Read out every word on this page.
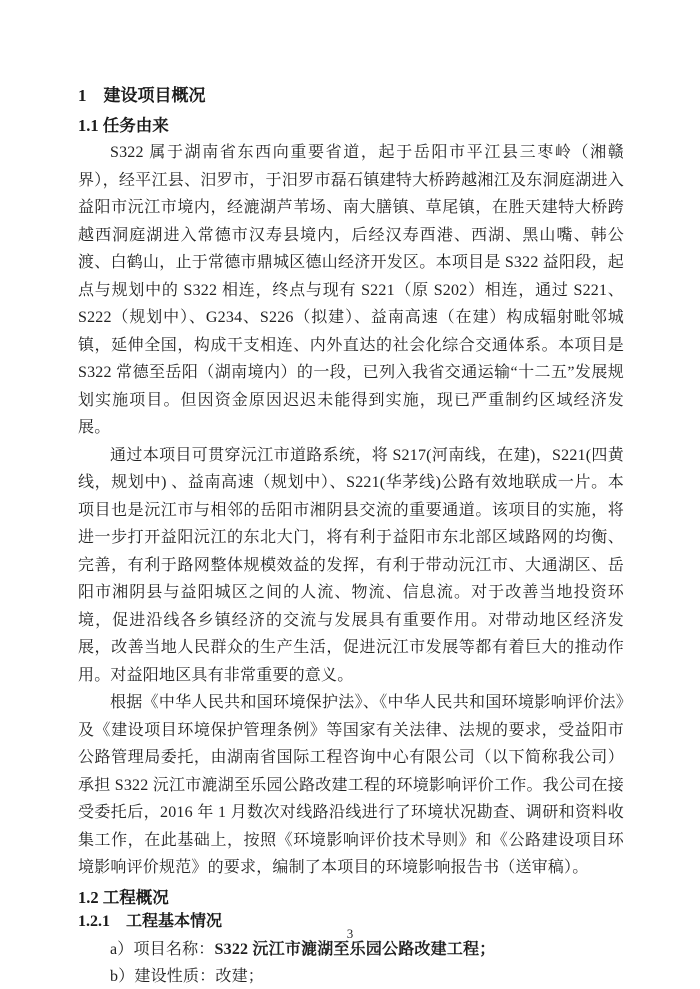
1　建设项目概况
1.1 任务由来

S322 属于湖南省东西向重要省道，起于岳阳市平江县三枣岭（湘赣界），经平江县、汨罗市，于汨罗市磊石镇建特大桥跨越湘江及东洞庭湖进入益阳市沅江市境内，经漉湖芦苇场、南大膳镇、草尾镇，在胜天建特大桥跨越西洞庭湖进入常德市汉寿县境内，后经汉寿酉港、西湖、黑山嘴、韩公渡、白鹤山，止于常德市鼎城区德山经济开发区。本项目是 S322 益阳段，起点与规划中的 S322 相连，终点与现有 S221（原 S202）相连，通过 S221、S222（规划中）、G234、S226（拟建）、益南高速（在建）构成辐射毗邻城镇，延伸全国，构成干支相连、内外直达的社会化综合交通体系。本项目是 S322 常德至岳阳（湖南境内）的一段，已列入我省交通运输“十二五”发展规划实施项目。但因资金原因迟迟未能得到实施，现已严重制约区域经济发展。

通过本项目可贯穿沅江市道路系统，将 S217(河南线，在建)，S221(四黄线，规划中) 、益南高速（规划中）、S221(华茅线)公路有效地联成一片。本项目也是沅江市与相邻的岳阳市湘阴县交流的重要通道。该项目的实施，将进一步打开益阳沅江的东北大门，将有利于益阳市东北部区域路网的均衡、完善，有利于路网整体规模效益的发挥，有利于带动沅江市、大通湖区、岳阳市湘阴县与益阳城区之间的人流、物流、信息流。对于改善当地投资环境，促进沿线各乡镇经济的交流与发展具有重要作用。对带动地区经济发展，改善当地人民群众的生产生活，促进沅江市发展等都有着巨大的推动作用。对益阳地区具有非常重要的意义。

根据《中华人民共和国环境保护法》、《中华人民共和国环境影响评价法》及《建设项目环境保护管理条例》等国家有关法律、法规的要求，受益阳市公路管理局委托，由湖南省国际工程咨询中心有限公司（以下简称我公司）承担 S322 沅江市漉湖至乐园公路改建工程的环境影响评价工作。我公司在接受委托后，2016 年 1 月数次对线路沿线进行了环境状况勘查、调研和资料收集工作，在此基础上，按照《环境影响评价技术导则》和《公路建设项目环境影响评价规范》的要求，编制了本项目的环境影响报告书（送审稿）。

1.2 工程概况
1.2.1　工程基本情况

a）项目名称：S322 沅江市漉湖至乐园公路改建工程；

b）建设性质：改建；

3
